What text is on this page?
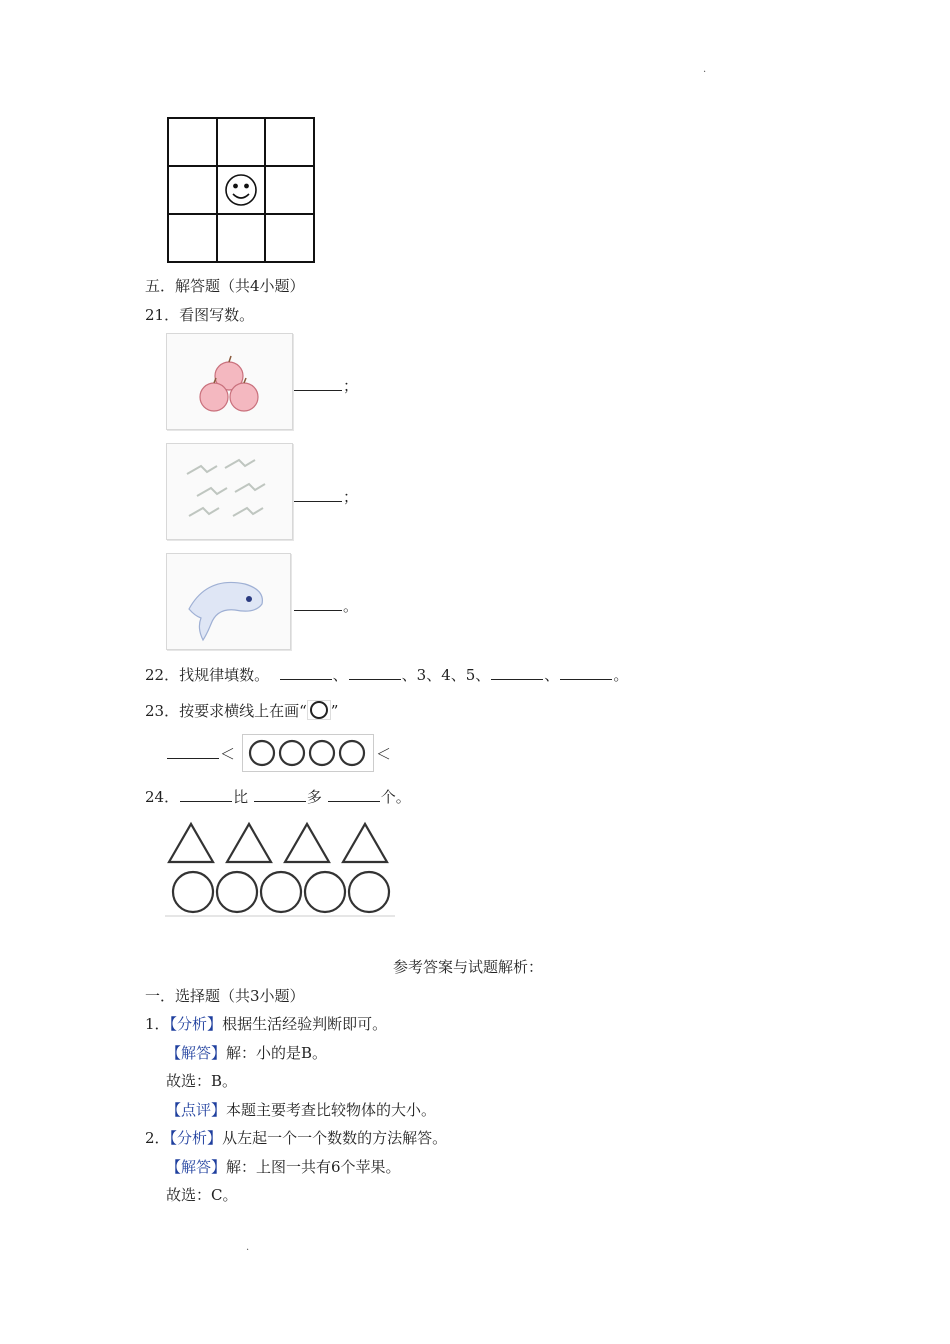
.
.
五．解答题（共4小题）
21．看图写数。
；
；
。
22．找规律填数。	、	、3、4、5、	、	。
23．按要求横线上在画“ ”
＜	＜
24．	比	多	个。
参考答案与试题解析：
一．选择题（共3小题）
1．【分析】根据生活经验判断即可。
【解答】解：小的是B。
故选：B。
【点评】本题主要考查比较物体的大小。
2．【分析】从左起一个一个数数的方法解答。
【解答】解：上图一共有6个苹果。
故选：C。
